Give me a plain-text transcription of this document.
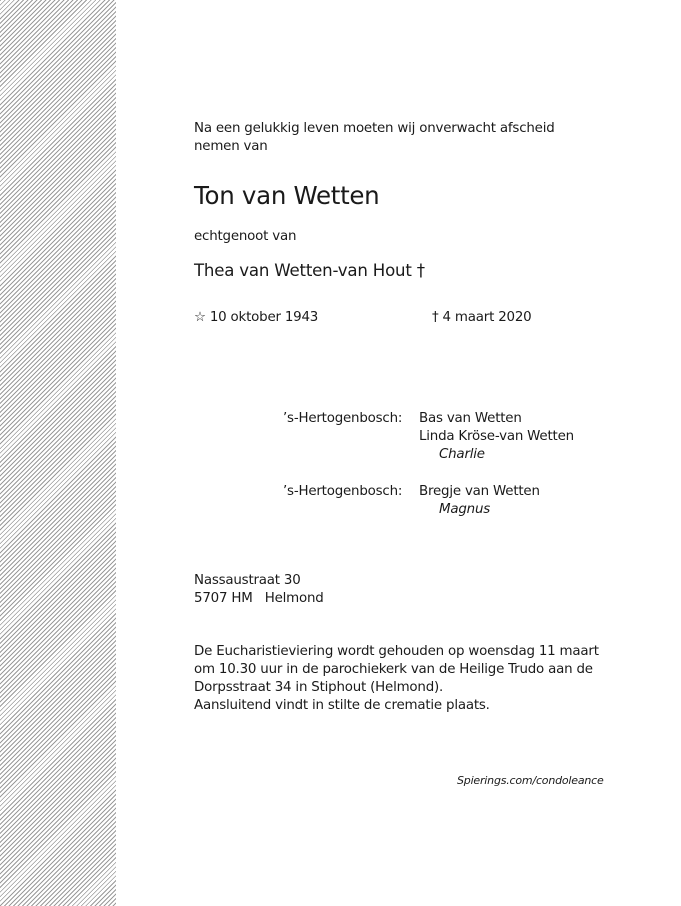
Na een gelukkig leven moeten wij onverwacht afscheid
nemen van
Ton van Wetten
echtgenoot van
Thea van Wetten-van Hout †
☆ 10 oktober 1943	† 4 maart 2020
’s-Hertogenbosch: Bas van Wetten
Linda Kröse-van Wetten
Charlie
’s-Hertogenbosch: Bregje van Wetten
Magnus
Nassaustraat 30
5707 HM   Helmond
De Eucharistieviering wordt gehouden op woensdag 11 maart
om 10.30 uur in de parochiekerk van de Heilige Trudo aan de
Dorpsstraat 34 in Stiphout (Helmond).
Aansluitend vindt in stilte de crematie plaats.
Spierings.com/condoleance
